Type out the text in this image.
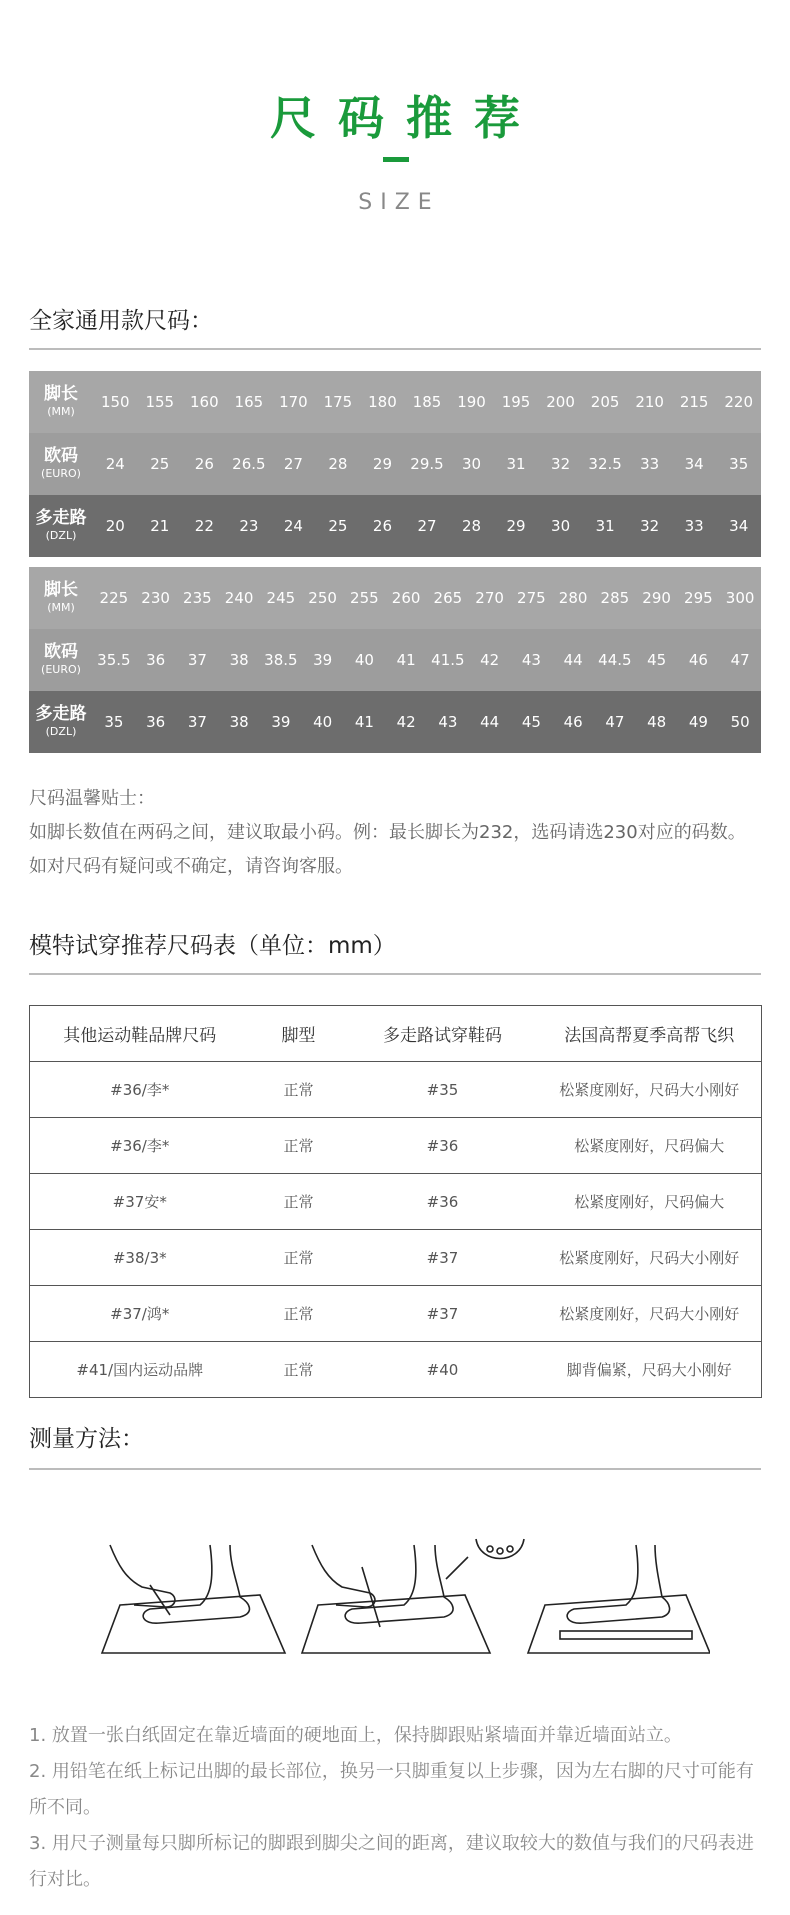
尺码推荐
SIZE
全家通用款尺码：
脚长
(MM)	150	155	160	165	170	175	180	185	190	195	200	205	210	215	220
欧码
(EURO)	24	25	26	26.5	27	28	29	29.5	30	31	32	32.5	33	34	35
多走路
(DZL)	20	21	22	23	24	25	26	27	28	29	30	31	32	33	34
脚长
(MM)	225	230	235	240	245	250	255	260	265	270	275	280	285	290	295	300
欧码
(EURO)	35.5	36	37	38	38.5	39	40	41	41.5	42	43	44	44.5	45	46	47
多走路
(DZL)	35	36	37	38	39	40	41	42	43	44	45	46	47	48	49	50
尺码温馨贴士：
如脚长数值在两码之间，建议取最小码。例：最长脚长为232，选码请选230对应的码数。
如对尺码有疑问或不确定，请咨询客服。
模特试穿推荐尺码表（单位：mm）
其他运动鞋品牌尺码	脚型	多走路试穿鞋码	法国高帮夏季高帮飞织
#36/李*	正常	#35	松紧度刚好，尺码大小刚好
#36/李*	正常	#36	松紧度刚好，尺码偏大
#37安*	正常	#36	松紧度刚好，尺码偏大
#38/3*	正常	#37	松紧度刚好，尺码大小刚好
#37/鸿*	正常	#37	松紧度刚好，尺码大小刚好
#41/国内运动品牌	正常	#40	脚背偏紧，尺码大小刚好
测量方法：
1. 放置一张白纸固定在靠近墙面的硬地面上，保持脚跟贴紧墙面并靠近墙面站立。
2. 用铅笔在纸上标记出脚的最长部位，换另一只脚重复以上步骤，因为左右脚的尺寸可能有所不同。
3. 用尺子测量每只脚所标记的脚跟到脚尖之间的距离，建议取较大的数值与我们的尺码表进行对比。
